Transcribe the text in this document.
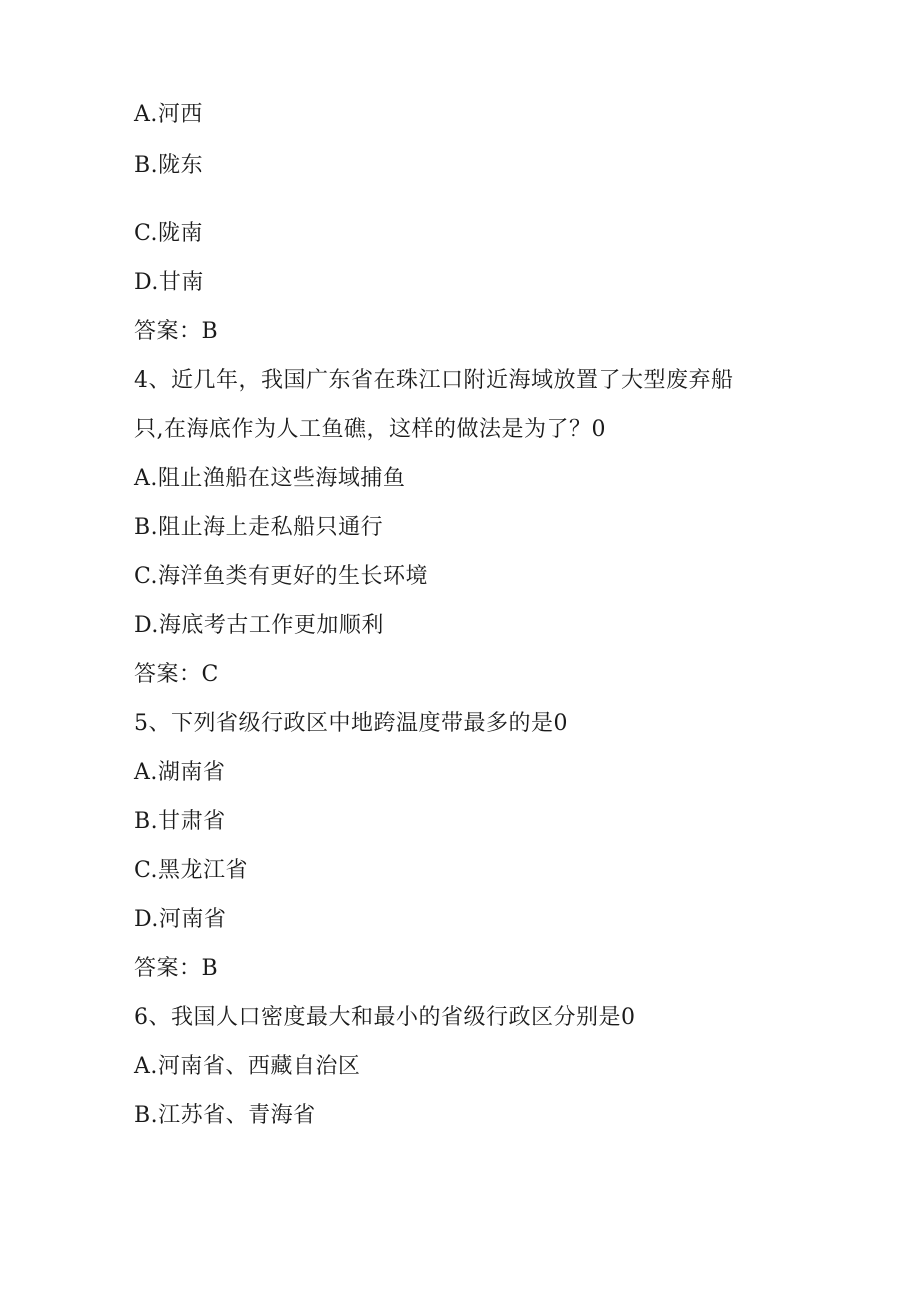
A.河西
B.陇东
C.陇南
D.甘南
答案：B
4、近几年，我国广东省在珠江口附近海域放置了大型废弃船
只,在海底作为人工鱼礁，这样的做法是为了？0
A.阻止渔船在这些海域捕鱼
B.阻止海上走私船只通行
C.海洋鱼类有更好的生长环境
D.海底考古工作更加顺利
答案：C
5、下列省级行政区中地跨温度带最多的是0
A.湖南省
B.甘肃省
C.黑龙江省
D.河南省
答案：B
6、我国人口密度最大和最小的省级行政区分别是0
A.河南省、西藏自治区
B.江苏省、青海省
